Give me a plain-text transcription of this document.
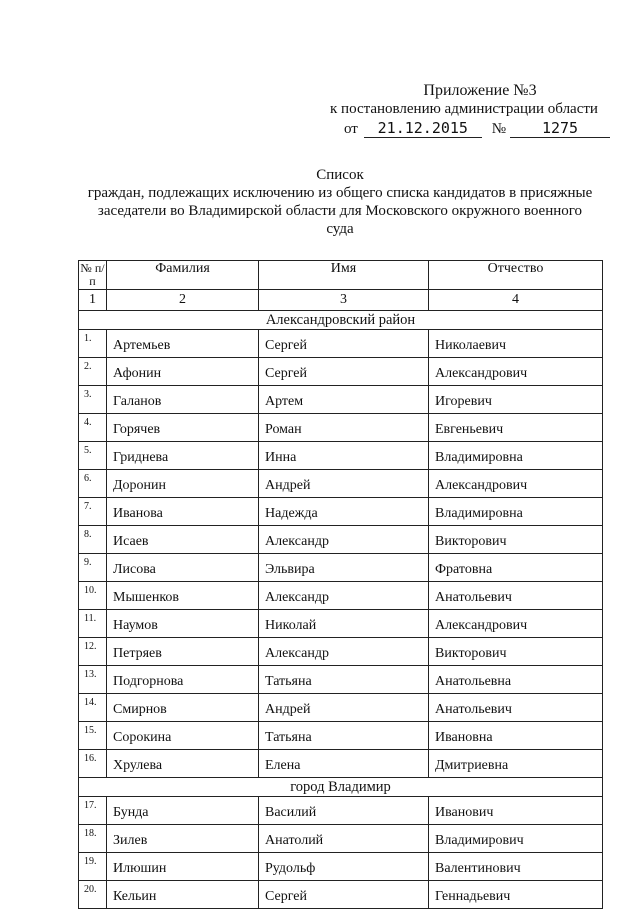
Приложение №3
к постановлению администрации области
от	21.12.2015	№	1275
Список
граждан, подлежащих исключению из общего списка кандидатов в присяжные
заседатели во Владимирской области для Московского окружного военного
суда
№ п/п	Фамилия	Имя	Отчество
1	2	3	4
Александровский район			
1.	Артемьев	Сергей	Николаевич
2.	Афонин	Сергей	Александрович
3.	Галанов	Артем	Игоревич
4.	Горячев	Роман	Евгеньевич
5.	Гриднева	Инна	Владимировна
6.	Доронин	Андрей	Александрович
7.	Иванова	Надежда	Владимировна
8.	Исаев	Александр	Викторович
9.	Лисова	Эльвира	Фратовна
10.	Мышенков	Александр	Анатольевич
11.	Наумов	Николай	Александрович
12.	Петряев	Александр	Викторович
13.	Подгорнова	Татьяна	Анатольевна
14.	Смирнов	Андрей	Анатольевич
15.	Сорокина	Татьяна	Ивановна
16.	Хрулева	Елена	Дмитриевна
город Владимир			
17.	Бунда	Василий	Иванович
18.	Зилев	Анатолий	Владимирович
19.	Илюшин	Рудольф	Валентинович
20.	Кельин	Сергей	Геннадьевич
